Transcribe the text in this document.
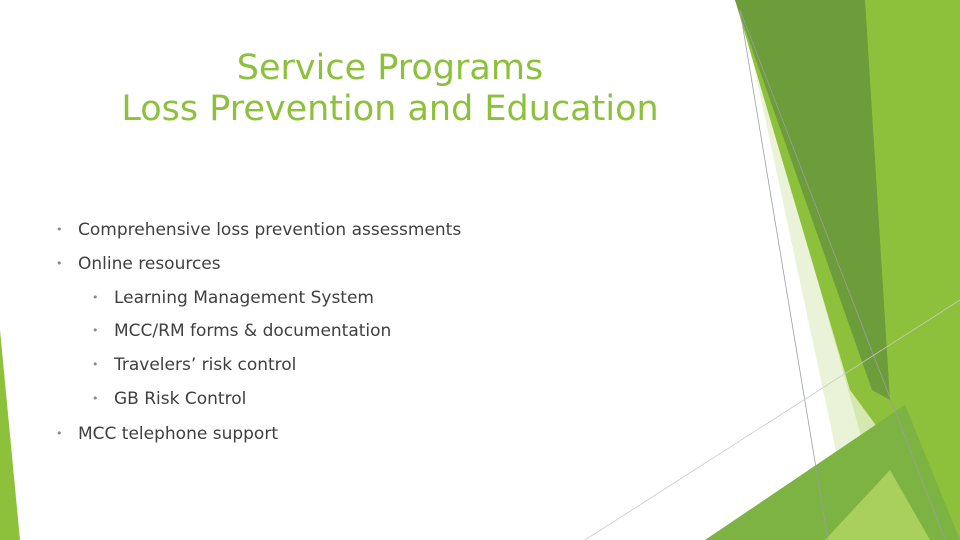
Service Programs
Loss Prevention and Education
• Comprehensive loss prevention assessments
• Online resources
• Learning Management System
• MCC/RM forms & documentation
• Travelers’ risk control
• GB Risk Control
• MCC telephone support
